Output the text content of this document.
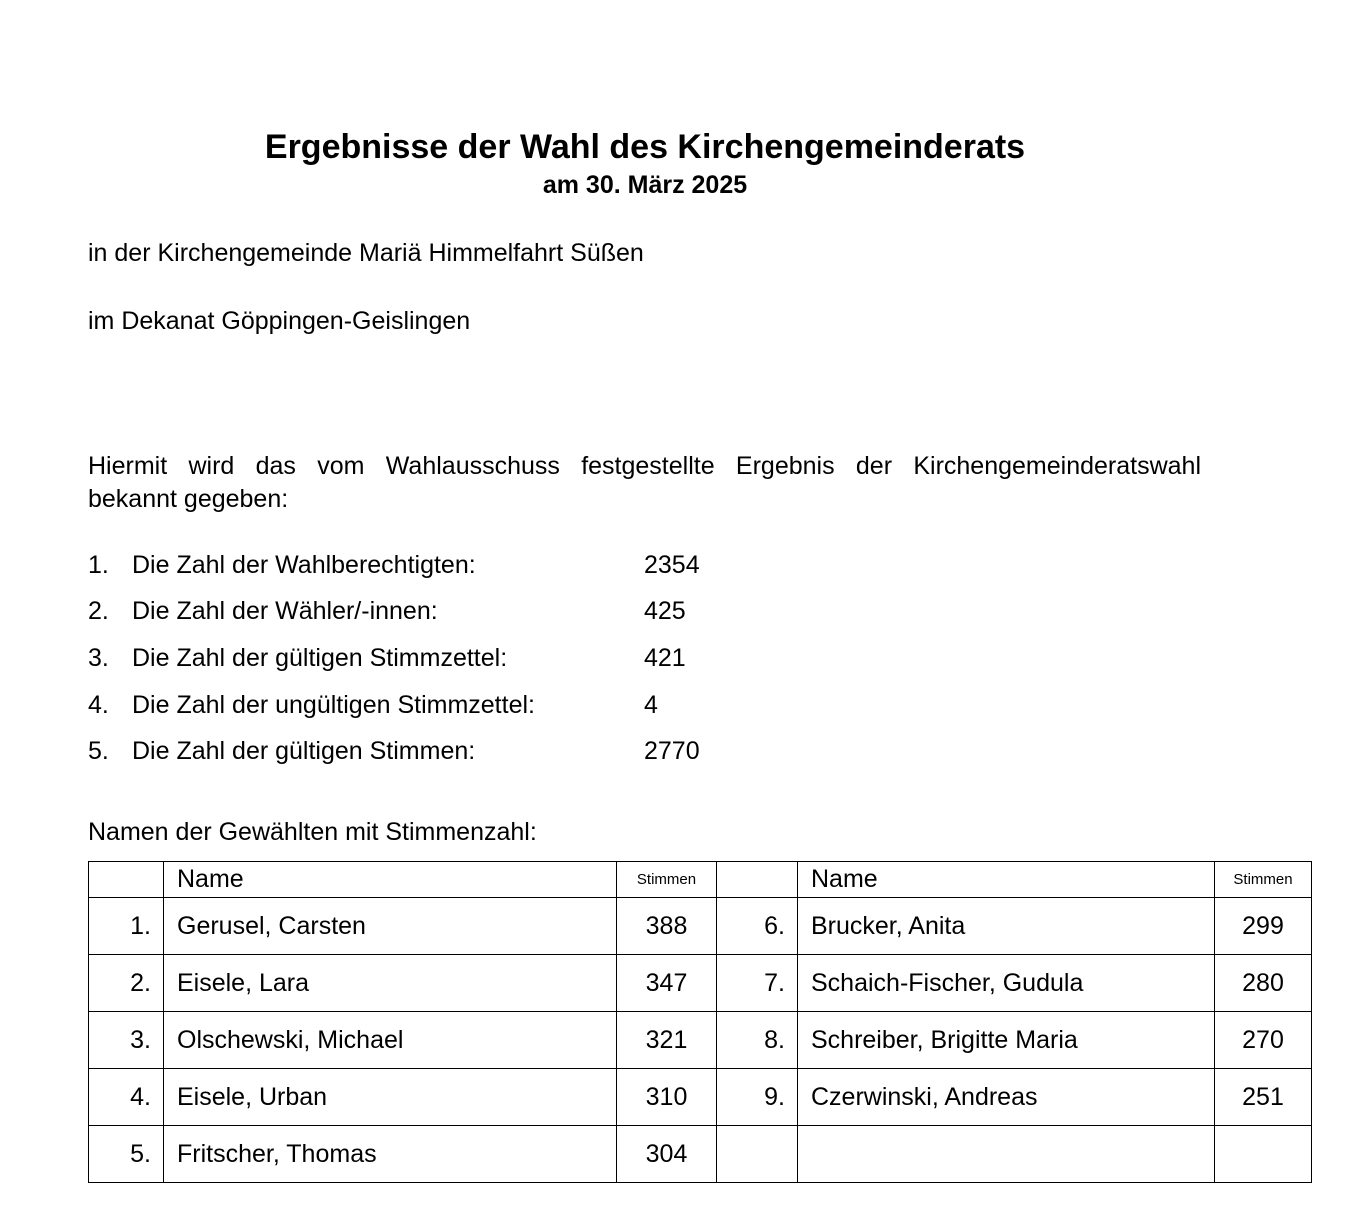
Ergebnisse der Wahl des Kirchengemeinderats
am 30. März 2025

in der Kirchengemeinde Mariä Himmelfahrt Süßen

im Dekanat Göppingen-Geislingen

Hiermit wird das vom Wahlausschuss festgestellte Ergebnis der Kirchengemeinderatswahl
bekannt gegeben:

1. Die Zahl der Wahlberechtigten:	2354
2. Die Zahl der Wähler/-innen:	425
3. Die Zahl der gültigen Stimmzettel:	421
4. Die Zahl der ungültigen Stimmzettel:	4
5. Die Zahl der gültigen Stimmen:	2770

Namen der Gewählten mit Stimmenzahl:

	Name	Stimmen		Name	Stimmen
1.	Gerusel, Carsten	388	6.	Brucker, Anita	299
2.	Eisele, Lara	347	7.	Schaich-Fischer, Gudula	280
3.	Olschewski, Michael	321	8.	Schreiber, Brigitte Maria	270
4.	Eisele, Urban	310	9.	Czerwinski, Andreas	251
5.	Fritscher, Thomas	304			
